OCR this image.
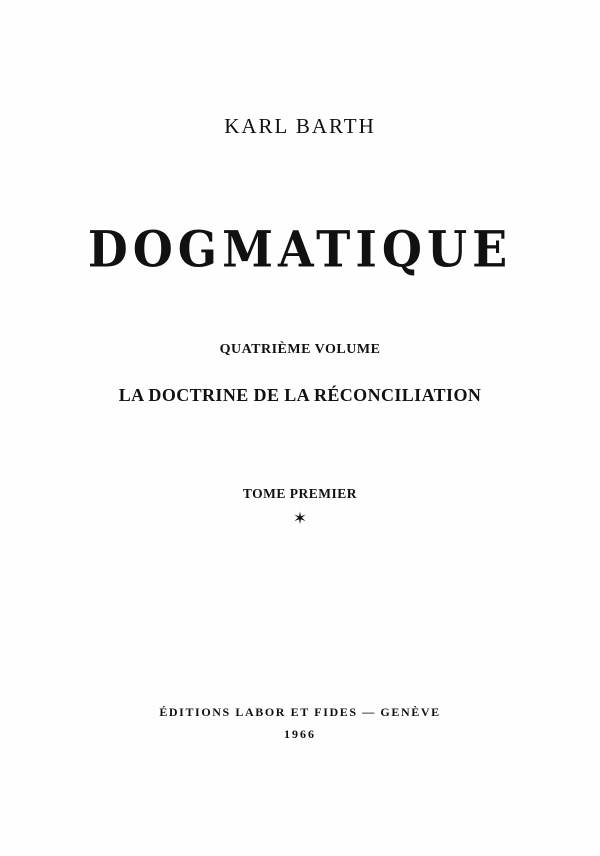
KARL BARTH
DOGMATIQUE
QUATRIÈME VOLUME
LA DOCTRINE DE LA RÉCONCILIATION
TOME PREMIER
✶
ÉDITIONS LABOR ET FIDES — GENÈVE
1966
